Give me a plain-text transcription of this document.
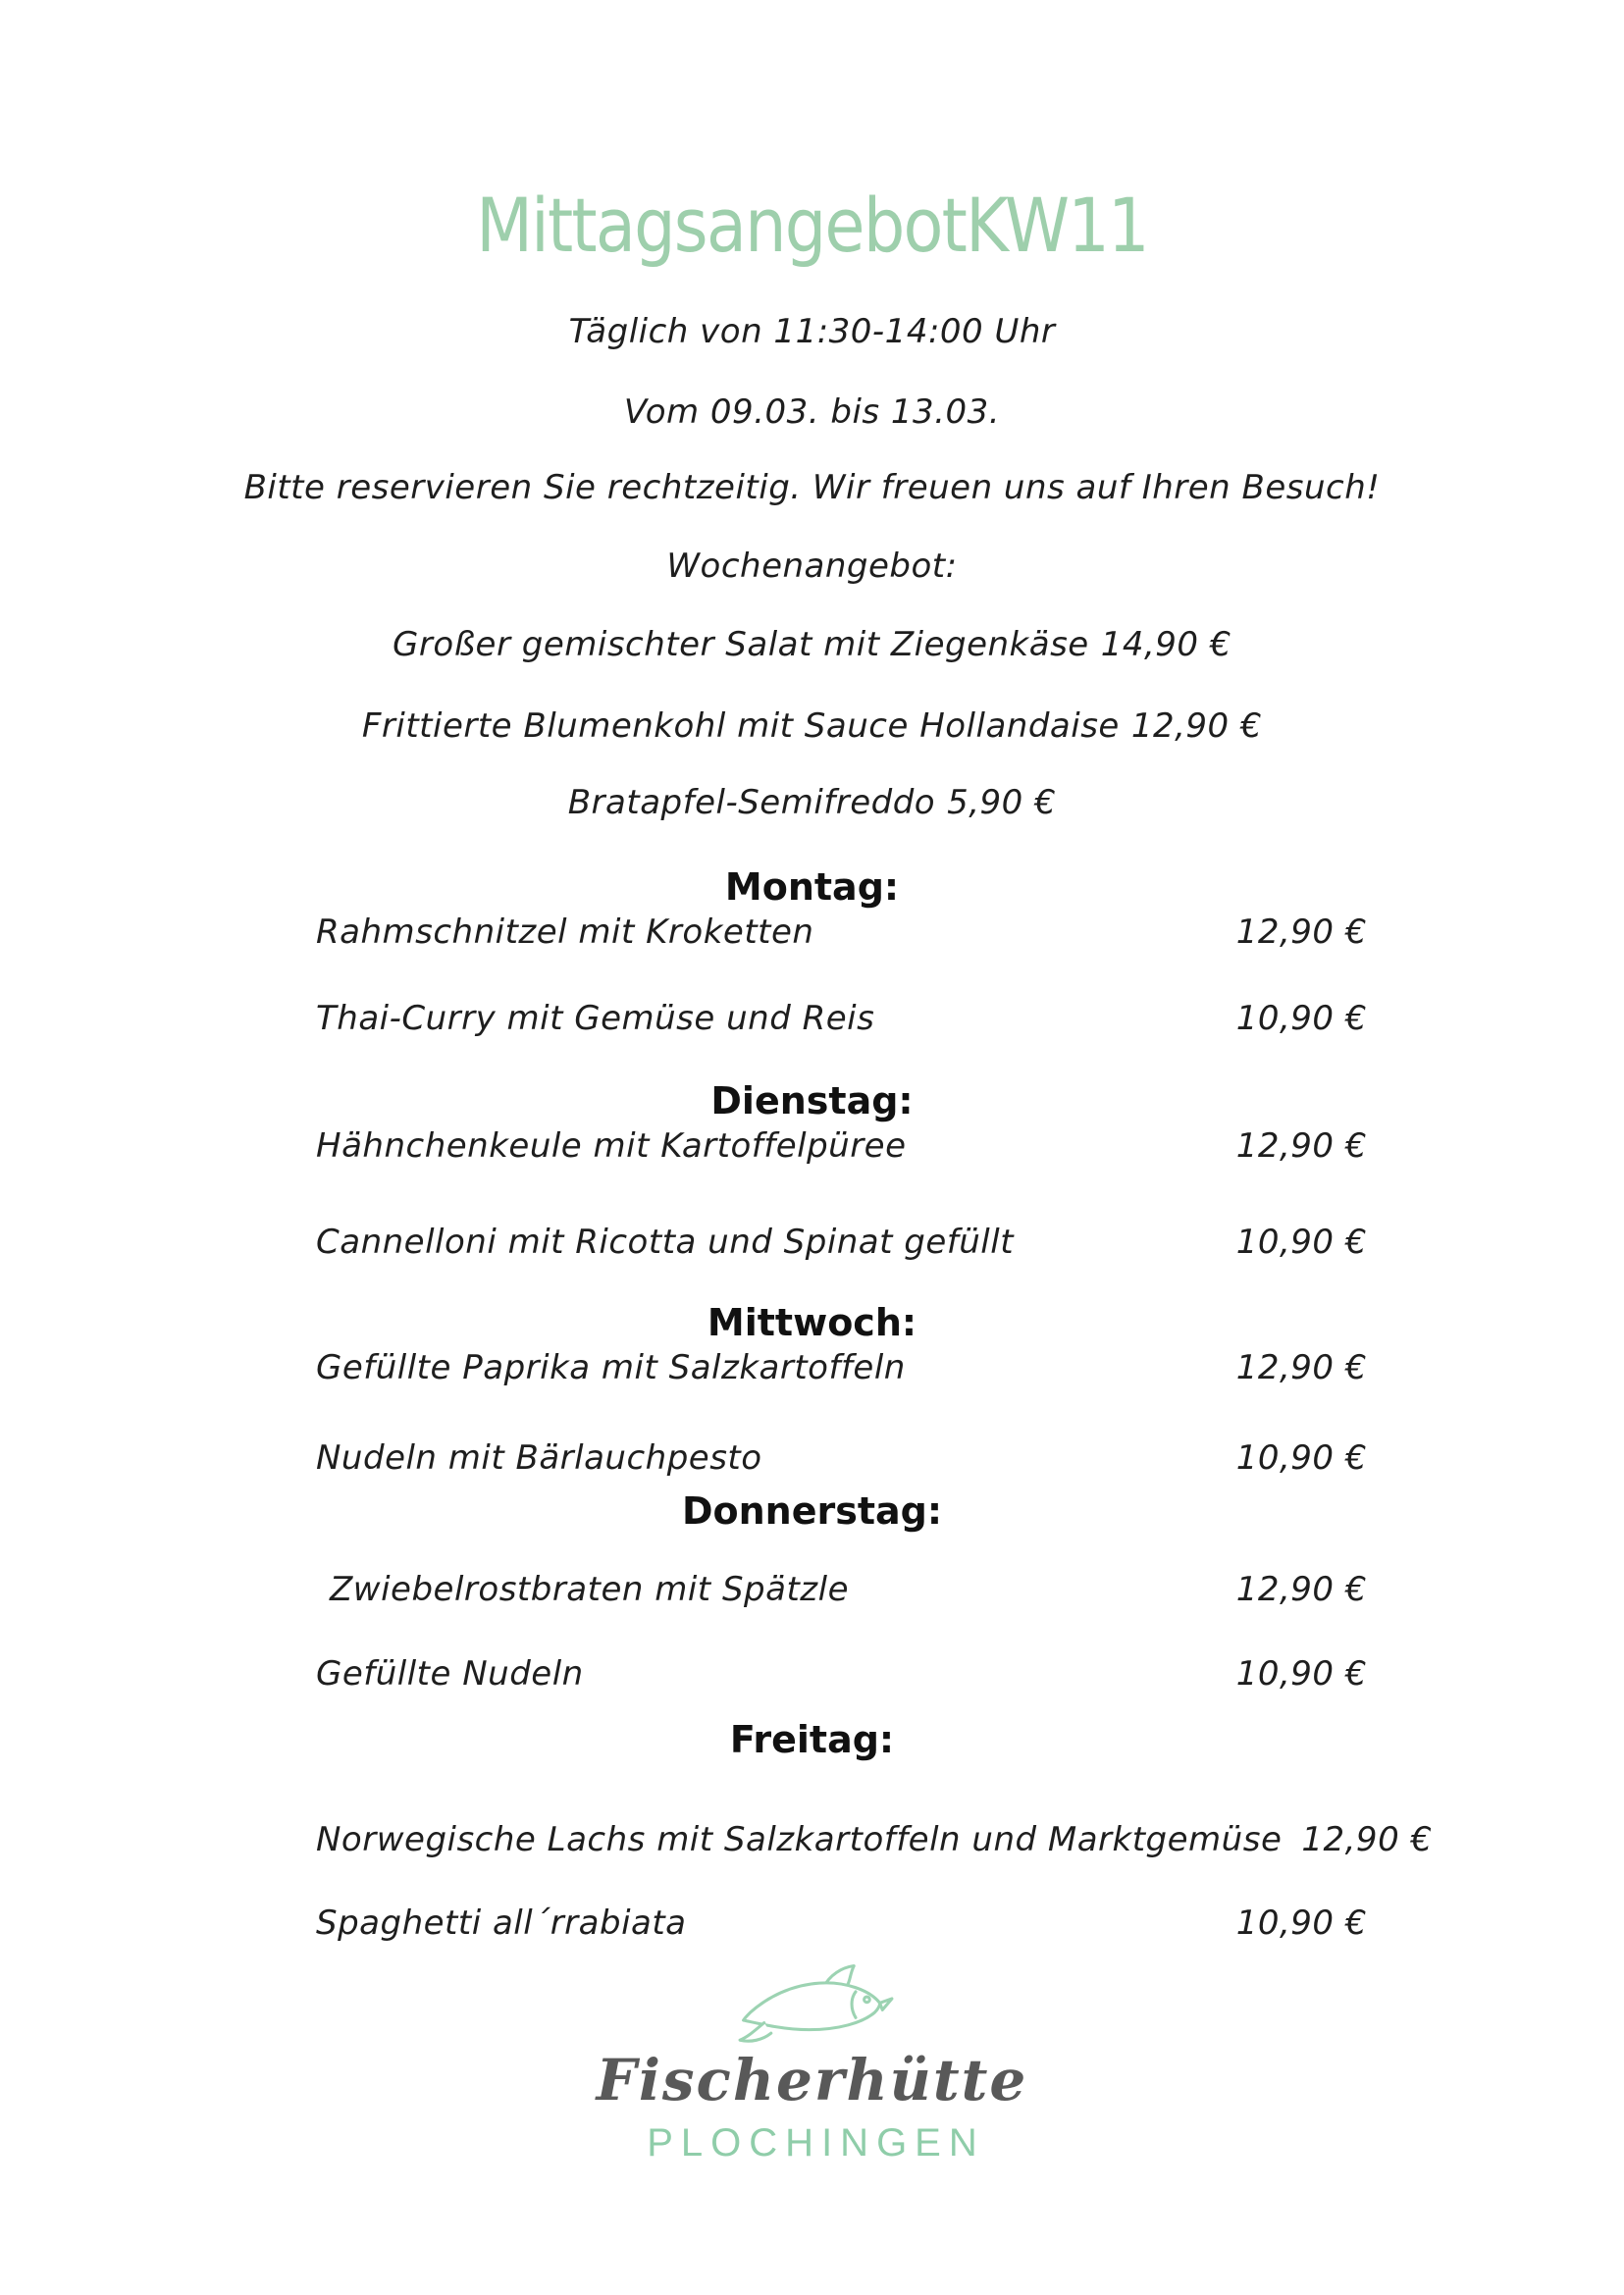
MittagsangebotKW11
Täglich von 11:30-14:00 Uhr
Vom 09.03. bis 13.03.
Bitte reservieren Sie rechtzeitig. Wir freuen uns auf Ihren Besuch!
Wochenangebot:
Großer gemischter Salat mit Ziegenkäse 14,90 €
Frittierte Blumenkohl mit Sauce Hollandaise 12,90 €
Bratapfel-Semifreddo 5,90 €
Montag:
Rahmschnitzel mit Kroketten	12,90 €
Thai-Curry mit Gemüse und Reis	10,90 €
Dienstag:
Hähnchenkeule mit Kartoffelpüree	12,90 €
Cannelloni mit Ricotta und Spinat gefüllt	10,90 €
Mittwoch:
Gefüllte Paprika mit Salzkartoffeln	12,90 €
Nudeln mit Bärlauchpesto	10,90 €
Donnerstag:
Zwiebelrostbraten mit Spätzle	12,90 €
Gefüllte Nudeln	10,90 €
Freitag:
Norwegische Lachs mit Salzkartoffeln und Marktgemüse 12,90 €
Spaghetti all´rrabiata	10,90 €
Fischerhütte
PLOCHINGEN
